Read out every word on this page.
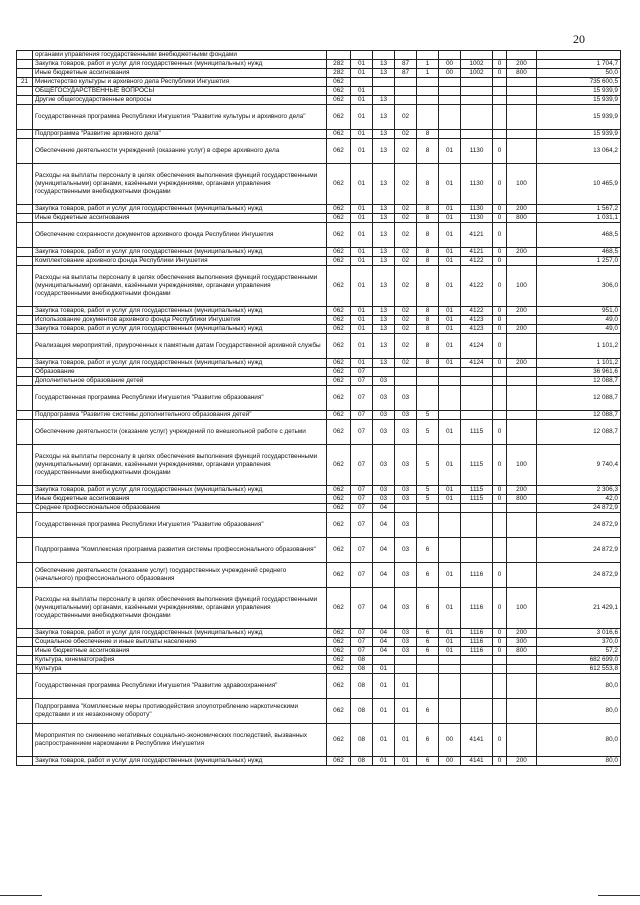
20
	органами управления государственными внебюджетными фондами										
	Закупка товаров, работ и услуг для государственных (муниципальных) нужд	282	01	13	87	1	00	1002	0	200	1 704,7
	Иные бюджетные ассигнования	282	01	13	87	1	00	1002	0	800	50,0
21	Министерство культуры и архивного дела Республики Ингушетия	062									735 600,5
	ОБЩЕГОСУДАРСТВЕННЫЕ ВОПРОСЫ	062	01								15 939,9
	Другие общегосударственные вопросы	062	01	13							15 939,9
	Государственная программа Республики Ингушетия "Развитие культуры и архивного дела"	062	01	13	02						15 939,9
	Подпрограмма "Развитие архивного дела"	062	01	13	02	8					15 939,9
	Обеспечение деятельности учреждений (оказание услуг) в сфере архивного дела	062	01	13	02	8	01	1130	0		13 064,2
	Расходы на выплаты персоналу в целях обеспечения выполнения функций государственными (муниципальными) органами, казёнными учреждениями, органами управления государственными внебюджетными фондами	062	01	13	02	8	01	1130	0	100	10 465,9
	Закупка товаров, работ и услуг для государственных (муниципальных) нужд	062	01	13	02	8	01	1130	0	200	1 567,2
	Иные бюджетные ассигнования	062	01	13	02	8	01	1130	0	800	1 031,1
	Обеспечение сохранности документов архивного фонда Республики Ингушетия	062	01	13	02	8	01	4121	0		468,5
	Закупка товаров, работ и услуг для государственных (муниципальных) нужд	062	01	13	02	8	01	4121	0	200	468,5
	Комплектование архивного фонда Республики Ингушетия	062	01	13	02	8	01	4122	0		1 257,0
	Расходы на выплаты персоналу в целях обеспечения выполнения функций государственными (муниципальными) органами, казёнными учреждениями, органами управления государственными внебюджетными фондами	062	01	13	02	8	01	4122	0	100	306,0
	Закупка товаров, работ и услуг для государственных (муниципальных) нужд	062	01	13	02	8	01	4122	0	200	951,0
	Использование документов архивного фонда Республики Ингушетия	062	01	13	02	8	01	4123	0		49,0
	Закупка товаров, работ и услуг для государственных (муниципальных) нужд	062	01	13	02	8	01	4123	0	200	49,0
	Реализация мероприятий, приуроченных к памятным датам Государственной архивной службы	062	01	13	02	8	01	4124	0		1 101,2
	Закупка товаров, работ и услуг для государственных (муниципальных) нужд	062	01	13	02	8	01	4124	0	200	1 101,2
	Образование	062	07								36 961,6
	Дополнительное образование детей	062	07	03							12 088,7
	Государственная программа Республики Ингушетия "Развитие образования"	062	07	03	03						12 088,7
	Подпрограмма "Развитие системы дополнительного образования детей"	062	07	03	03	5					12 088,7
	Обеспечение деятельности (оказание услуг) учреждений по внешкольной работе с детьми	062	07	03	03	5	01	1115	0		12 088,7
	Расходы на выплаты персоналу в целях обеспечения выполнения функций государственными (муниципальными) органами, казёнными учреждениями, органами управления государственными внебюджетными фондами	062	07	03	03	5	01	1115	0	100	9 740,4
	Закупка товаров, работ и услуг для государственных (муниципальных) нужд	062	07	03	03	5	01	1115	0	200	2 306,3
	Иные бюджетные ассигнования	062	07	03	03	5	01	1115	0	800	42,0
	Среднее профессиональное образование	062	07	04							24 872,9
	Государственная программа Республики Ингушетия "Развитие образования"	062	07	04	03						24 872,9
	Подпрограмма "Комплексная программа развития системы профессионального образования"	062	07	04	03	6					24 872,9
	Обеспечение деятельности (оказание услуг) государственных учреждений среднего (начального) профессионального образования	062	07	04	03	6	01	1116	0		24 872,9
	Расходы на выплаты персоналу в целях обеспечения выполнения функций государственными (муниципальными) органами, казёнными учреждениями, органами управления государственными внебюджетными фондами	062	07	04	03	6	01	1116	0	100	21 429,1
	Закупка товаров, работ и услуг для государственных (муниципальных) нужд	062	07	04	03	6	01	1116	0	200	3 016,6
	Социальное обеспечение и иные выплаты населению	062	07	04	03	6	01	1116	0	300	370,0
	Иные бюджетные ассигнования	062	07	04	03	6	01	1116	0	800	57,2
	Культура, кинематография	062	08								682 699,0
	Культура	062	08	01							612 553,8
	Государственная программа Республики Ингушетия "Развитие здравоохранения"	062	08	01	01						80,0
	Подпрограмма "Комплексные меры противодействия злоупотреблению наркотическими средствами и их незаконному обороту"	062	08	01	01	6					80,0
	Мероприятия по снижению негативных социально-экономических последствий, вызванных распространением наркомании в Республике Ингушетия	062	08	01	01	6	00	4141	0		80,0
	Закупка товаров, работ и услуг для государственных (муниципальных) нужд	062	08	01	01	6	00	4141	0	200	80,0
